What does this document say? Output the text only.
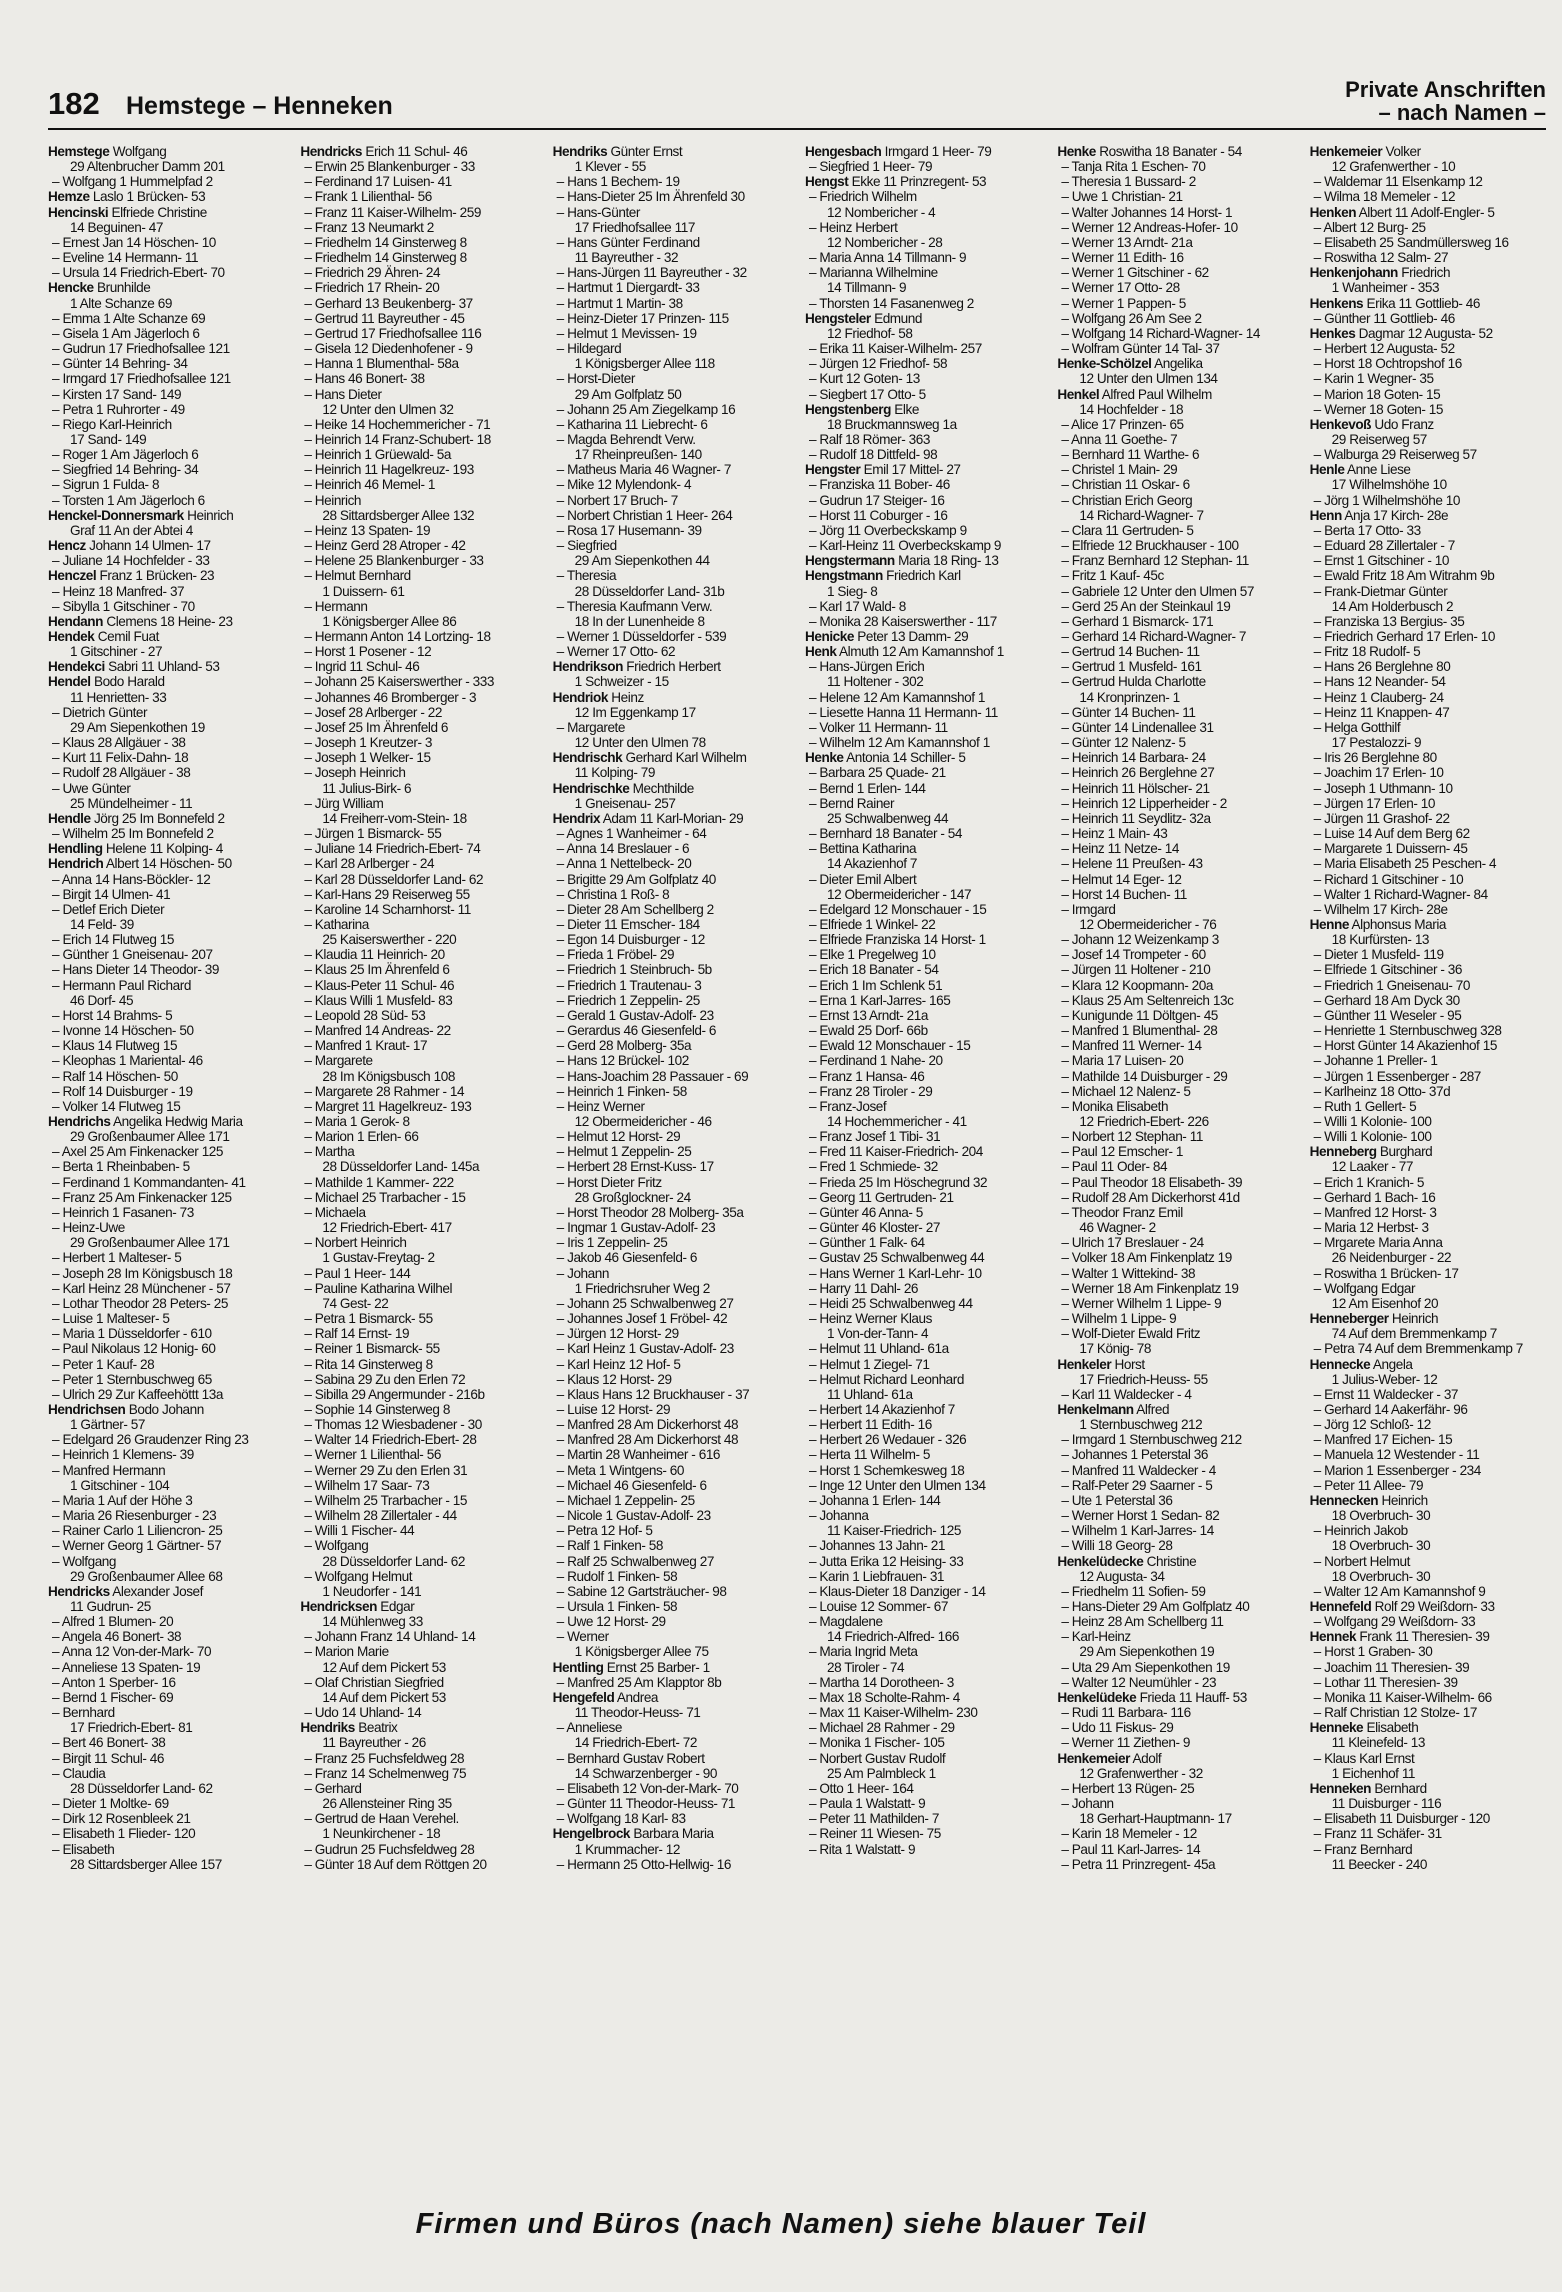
182 Hemstege – Henneken
Private Anschriften
– nach Namen –
Hemstege Wolfgang
29 Altenbrucher Damm 201
– Wolfgang 1 Hummelpfad 2
Hemze Laslo 1 Brücken- 53
Hencinski Elfriede Christine
14 Beguinen- 47
– Ernest Jan 14 Höschen- 10
– Eveline 14 Hermann- 11
– Ursula 14 Friedrich-Ebert- 70
Hencke Brunhilde
1 Alte Schanze 69
– Emma 1 Alte Schanze 69
– Gisela 1 Am Jägerloch 6
– Gudrun 17 Friedhofsallee 121
– Günter 14 Behring- 34
– Irmgard 17 Friedhofsallee 121
– Kirsten 17 Sand- 149
– Petra 1 Ruhrorter - 49
– Riego Karl-Heinrich
17 Sand- 149
– Roger 1 Am Jägerloch 6
– Siegfried 14 Behring- 34
– Sigrun 1 Fulda- 8
– Torsten 1 Am Jägerloch 6
Henckel-Donnersmark Heinrich
Graf 11 An der Abtei 4
Hencz Johann 14 Ulmen- 17
– Juliane 14 Hochfelder - 33
Henczel Franz 1 Brücken- 23
– Heinz 18 Manfred- 37
– Sibylla 1 Gitschiner - 70
Hendann Clemens 18 Heine- 23
Hendek Cemil Fuat
1 Gitschiner - 27
Hendekci Sabri 11 Uhland- 53
Hendel Bodo Harald
11 Henrietten- 33
– Dietrich Günter
29 Am Siepenkothen 19
– Klaus 28 Allgäuer - 38
– Kurt 11 Felix-Dahn- 18
– Rudolf 28 Allgäuer - 38
– Uwe Günter
25 Mündelheimer - 11
Hendle Jörg 25 Im Bonnefeld 2
– Wilhelm 25 Im Bonnefeld 2
Hendling Helene 11 Kolping- 4
Hendrich Albert 14 Höschen- 50
– Anna 14 Hans-Böckler- 12
– Birgit 14 Ulmen- 41
– Detlef Erich Dieter
14 Feld- 39
– Erich 14 Flutweg 15
– Günther 1 Gneisenau- 207
– Hans Dieter 14 Theodor- 39
– Hermann Paul Richard
46 Dorf- 45
– Horst 14 Brahms- 5
– Ivonne 14 Höschen- 50
– Klaus 14 Flutweg 15
– Kleophas 1 Mariental- 46
– Ralf 14 Höschen- 50
– Rolf 14 Duisburger - 19
– Volker 14 Flutweg 15
Hendrichs Angelika Hedwig Maria
29 Großenbaumer Allee 171
– Axel 25 Am Finkenacker 125
– Berta 1 Rheinbaben- 5
– Ferdinand 1 Kommandanten- 41
– Franz 25 Am Finkenacker 125
– Heinrich 1 Fasanen- 73
– Heinz-Uwe
29 Großenbaumer Allee 171
– Herbert 1 Malteser- 5
– Joseph 28 Im Königsbusch 18
– Karl Heinz 28 Münchener - 57
– Lothar Theodor 28 Peters- 25
– Luise 1 Malteser- 5
– Maria 1 Düsseldorfer - 610
– Paul Nikolaus 12 Honig- 60
– Peter 1 Kauf- 28
– Peter 1 Sternbuschweg 65
– Ulrich 29 Zur Kaffeehöttt 13a
Hendrichsen Bodo Johann
1 Gärtner- 57
– Edelgard 26 Graudenzer Ring 23
– Heinrich 1 Klemens- 39
– Manfred Hermann
1 Gitschiner - 104
– Maria 1 Auf der Höhe 3
– Maria 26 Riesenburger - 23
– Rainer Carlo 1 Liliencron- 25
– Werner Georg 1 Gärtner- 57
– Wolfgang
29 Großenbaumer Allee 68
Hendricks Alexander Josef
11 Gudrun- 25
– Alfred 1 Blumen- 20
– Angela 46 Bonert- 38
– Anna 12 Von-der-Mark- 70
– Anneliese 13 Spaten- 19
– Anton 1 Sperber- 16
– Bernd 1 Fischer- 69
– Bernhard
17 Friedrich-Ebert- 81
– Bert 46 Bonert- 38
– Birgit 11 Schul- 46
– Claudia
28 Düsseldorfer Land- 62
– Dieter 1 Moltke- 69
– Dirk 12 Rosenbleek 21
– Elisabeth 1 Flieder- 120
– Elisabeth
28 Sittardsberger Allee 157
Hendricks Erich 11 Schul- 46
– Erwin 25 Blankenburger - 33
– Ferdinand 17 Luisen- 41
– Frank 1 Lilienthal- 56
– Franz 11 Kaiser-Wilhelm- 259
– Franz 13 Neumarkt 2
– Friedhelm 14 Ginsterweg 8
– Friedhelm 14 Ginsterweg 8
– Friedrich 29 Ähren- 24
– Friedrich 17 Rhein- 20
– Gerhard 13 Beukenberg- 37
– Gertrud 11 Bayreuther - 45
– Gertrud 17 Friedhofsallee 116
– Gisela 12 Diedenhofener - 9
– Hanna 1 Blumenthal- 58a
– Hans 46 Bonert- 38
– Hans Dieter
12 Unter den Ulmen 32
– Heike 14 Hochemmericher - 71
– Heinrich 14 Franz-Schubert- 18
– Heinrich 1 Grüewald- 5a
– Heinrich 11 Hagelkreuz- 193
– Heinrich 46 Memel- 1
– Heinrich
28 Sittardsberger Allee 132
– Heinz 13 Spaten- 19
– Heinz Gerd 28 Atroper - 42
– Helene 25 Blankenburger - 33
– Helmut Bernhard
1 Duissern- 61
– Hermann
1 Königsberger Allee 86
– Hermann Anton 14 Lortzing- 18
– Horst 1 Posener - 12
– Ingrid 11 Schul- 46
– Johann 25 Kaiserswerther - 333
– Johannes 46 Bromberger - 3
– Josef 28 Arlberger - 22
– Josef 25 Im Ährenfeld 6
– Joseph 1 Kreutzer- 3
– Joseph 1 Welker- 15
– Joseph Heinrich
11 Julius-Birk- 6
– Jürg William
14 Freiherr-vom-Stein- 18
– Jürgen 1 Bismarck- 55
– Juliane 14 Friedrich-Ebert- 74
– Karl 28 Arlberger - 24
– Karl 28 Düsseldorfer Land- 62
– Karl-Hans 29 Reiserweg 55
– Karoline 14 Scharnhorst- 11
– Katharina
25 Kaiserswerther - 220
– Klaudia 11 Heinrich- 20
– Klaus 25 Im Ährenfeld 6
– Klaus-Peter 11 Schul- 46
– Klaus Willi 1 Musfeld- 83
– Leopold 28 Süd- 53
– Manfred 14 Andreas- 22
– Manfred 1 Kraut- 17
– Margarete
28 Im Königsbusch 108
– Margarete 28 Rahmer - 14
– Margret 11 Hagelkreuz- 193
– Maria 1 Gerok- 8
– Marion 1 Erlen- 66
– Martha
28 Düsseldorfer Land- 145a
– Mathilde 1 Kammer- 222
– Michael 25 Trarbacher - 15
– Michaela
12 Friedrich-Ebert- 417
– Norbert Heinrich
1 Gustav-Freytag- 2
– Paul 1 Heer- 144
– Pauline Katharina Wilhel
74 Gest- 22
– Petra 1 Bismarck- 55
– Ralf 14 Ernst- 19
– Reiner 1 Bismarck- 55
– Rita 14 Ginsterweg 8
– Sabina 29 Zu den Erlen 72
– Sibilla 29 Angermunder - 216b
– Sophie 14 Ginsterweg 8
– Thomas 12 Wiesbadener - 30
– Walter 14 Friedrich-Ebert- 28
– Werner 1 Lilienthal- 56
– Werner 29 Zu den Erlen 31
– Wilhelm 17 Saar- 73
– Wilhelm 25 Trarbacher - 15
– Wilhelm 28 Zillertaler - 44
– Willi 1 Fischer- 44
– Wolfgang
28 Düsseldorfer Land- 62
– Wolfgang Helmut
1 Neudorfer - 141
Hendricksen Edgar
14 Mühlenweg 33
– Johann Franz 14 Uhland- 14
– Marion Marie
12 Auf dem Pickert 53
– Olaf Christian Siegfried
14 Auf dem Pickert 53
– Udo 14 Uhland- 14
Hendriks Beatrix
11 Bayreuther - 26
– Franz 25 Fuchsfeldweg 28
– Franz 14 Schelmenweg 75
– Gerhard
26 Allensteiner Ring 35
– Gertrud de Haan Verehel.
1 Neunkirchener - 18
– Gudrun 25 Fuchsfeldweg 28
– Günter 18 Auf dem Röttgen 20
Hendriks Günter Ernst
1 Klever - 55
– Hans 1 Bechem- 19
– Hans-Dieter 25 Im Ährenfeld 30
– Hans-Günter
17 Friedhofsallee 117
– Hans Günter Ferdinand
11 Bayreuther - 32
– Hans-Jürgen 11 Bayreuther - 32
– Hartmut 1 Diergardt- 33
– Hartmut 1 Martin- 38
– Heinz-Dieter 17 Prinzen- 115
– Helmut 1 Mevissen- 19
– Hildegard
1 Königsberger Allee 118
– Horst-Dieter
29 Am Golfplatz 50
– Johann 25 Am Ziegelkamp 16
– Katharina 11 Liebrecht- 6
– Magda Behrendt Verw.
17 Rheinpreußen- 140
– Matheus Maria 46 Wagner- 7
– Mike 12 Mylendonk- 4
– Norbert 17 Bruch- 7
– Norbert Christian 1 Heer- 264
– Rosa 17 Husemann- 39
– Siegfried
29 Am Siepenkothen 44
– Theresia
28 Düsseldorfer Land- 31b
– Theresia Kaufmann Verw.
18 In der Lunenheide 8
– Werner 1 Düsseldorfer - 539
– Werner 17 Otto- 62
Hendrikson Friedrich Herbert
1 Schweizer - 15
Hendriok Heinz
12 Im Eggenkamp 17
– Margarete
12 Unter den Ulmen 78
Hendrischk Gerhard Karl Wilhelm
11 Kolping- 79
Hendrischke Mechthilde
1 Gneisenau- 257
Hendrix Adam 11 Karl-Morian- 29
– Agnes 1 Wanheimer - 64
– Anna 14 Breslauer - 6
– Anna 1 Nettelbeck- 20
– Brigitte 29 Am Golfplatz 40
– Christina 1 Roß- 8
– Dieter 28 Am Schellberg 2
– Dieter 11 Emscher- 184
– Egon 14 Duisburger - 12
– Frieda 1 Fröbel- 29
– Friedrich 1 Steinbruch- 5b
– Friedrich 1 Trautenau- 3
– Friedrich 1 Zeppelin- 25
– Gerald 1 Gustav-Adolf- 23
– Gerardus 46 Giesenfeld- 6
– Gerd 28 Molberg- 35a
– Hans 12 Brückel- 102
– Hans-Joachim 28 Passauer - 69
– Heinrich 1 Finken- 58
– Heinz Werner
12 Obermeidericher - 46
– Helmut 12 Horst- 29
– Helmut 1 Zeppelin- 25
– Herbert 28 Ernst-Kuss- 17
– Horst Dieter Fritz
28 Großglockner- 24
– Horst Theodor 28 Molberg- 35a
– Ingmar 1 Gustav-Adolf- 23
– Iris 1 Zeppelin- 25
– Jakob 46 Giesenfeld- 6
– Johann
1 Friedrichsruher Weg 2
– Johann 25 Schwalbenweg 27
– Johannes Josef 1 Fröbel- 42
– Jürgen 12 Horst- 29
– Karl Heinz 1 Gustav-Adolf- 23
– Karl Heinz 12 Hof- 5
– Klaus 12 Horst- 29
– Klaus Hans 12 Bruckhauser - 37
– Luise 12 Horst- 29
– Manfred 28 Am Dickerhorst 48
– Manfred 28 Am Dickerhorst 48
– Martin 28 Wanheimer - 616
– Meta 1 Wintgens- 60
– Michael 46 Giesenfeld- 6
– Michael 1 Zeppelin- 25
– Nicole 1 Gustav-Adolf- 23
– Petra 12 Hof- 5
– Ralf 1 Finken- 58
– Ralf 25 Schwalbenweg 27
– Rudolf 1 Finken- 58
– Sabine 12 Gartsträucher- 98
– Ursula 1 Finken- 58
– Uwe 12 Horst- 29
– Werner
1 Königsberger Allee 75
Hentling Ernst 25 Barber- 1
– Manfred 25 Am Klapptor 8b
Hengefeld Andrea
11 Theodor-Heuss- 71
– Anneliese
14 Friedrich-Ebert- 72
– Bernhard Gustav Robert
14 Schwarzenberger - 90
– Elisabeth 12 Von-der-Mark- 70
– Günter 11 Theodor-Heuss- 71
– Wolfgang 18 Karl- 83
Hengelbrock Barbara Maria
1 Krummacher- 12
– Hermann 25 Otto-Hellwig- 16
Hengesbach Irmgard 1 Heer- 79
– Siegfried 1 Heer- 79
Hengst Ekke 11 Prinzregent- 53
– Friedrich Wilhelm
12 Nombericher - 4
– Heinz Herbert
12 Nombericher - 28
– Maria Anna 14 Tillmann- 9
– Marianna Wilhelmine
14 Tillmann- 9
– Thorsten 14 Fasanenweg 2
Hengsteler Edmund
12 Friedhof- 58
– Erika 11 Kaiser-Wilhelm- 257
– Jürgen 12 Friedhof- 58
– Kurt 12 Goten- 13
– Siegbert 17 Otto- 5
Hengstenberg Elke
18 Bruckmannsweg 1a
– Ralf 18 Römer- 363
– Rudolf 18 Dittfeld- 98
Hengster Emil 17 Mittel- 27
– Franziska 11 Bober- 46
– Gudrun 17 Steiger- 16
– Horst 11 Coburger - 16
– Jörg 11 Overbeckskamp 9
– Karl-Heinz 11 Overbeckskamp 9
Hengstermann Maria 18 Ring- 13
Hengstmann Friedrich Karl
1 Sieg- 8
– Karl 17 Wald- 8
– Monika 28 Kaiserswerther - 117
Henicke Peter 13 Damm- 29
Henk Almuth 12 Am Kamannshof 1
– Hans-Jürgen Erich
11 Holtener - 302
– Helene 12 Am Kamannshof 1
– Liesette Hanna 11 Hermann- 11
– Volker 11 Hermann- 11
– Wilhelm 12 Am Kamannshof 1
Henke Antonia 14 Schiller- 5
– Barbara 25 Quade- 21
– Bernd 1 Erlen- 144
– Bernd Rainer
25 Schwalbenweg 44
– Bernhard 18 Banater - 54
– Bettina Katharina
14 Akazienhof 7
– Dieter Emil Albert
12 Obermeidericher - 147
– Edelgard 12 Monschauer - 15
– Elfriede 1 Winkel- 22
– Elfriede Franziska 14 Horst- 1
– Elke 1 Pregelweg 10
– Erich 18 Banater - 54
– Erich 1 Im Schlenk 51
– Erna 1 Karl-Jarres- 165
– Ernst 13 Arndt- 21a
– Ewald 25 Dorf- 66b
– Ewald 12 Monschauer - 15
– Ferdinand 1 Nahe- 20
– Franz 1 Hansa- 46
– Franz 28 Tiroler - 29
– Franz-Josef
14 Hochemmericher - 41
– Franz Josef 1 Tibi- 31
– Fred 11 Kaiser-Friedrich- 204
– Fred 1 Schmiede- 32
– Frieda 25 Im Höschegrund 32
– Georg 11 Gertruden- 21
– Günter 46 Anna- 5
– Günter 46 Kloster- 27
– Günther 1 Falk- 64
– Gustav 25 Schwalbenweg 44
– Hans Werner 1 Karl-Lehr- 10
– Harry 11 Dahl- 26
– Heidi 25 Schwalbenweg 44
– Heinz Werner Klaus
1 Von-der-Tann- 4
– Helmut 11 Uhland- 61a
– Helmut 1 Ziegel- 71
– Helmut Richard Leonhard
11 Uhland- 61a
– Herbert 14 Akazienhof 7
– Herbert 11 Edith- 16
– Herbert 26 Wedauer - 326
– Herta 11 Wilhelm- 5
– Horst 1 Schemkesweg 18
– Inge 12 Unter den Ulmen 134
– Johanna 1 Erlen- 144
– Johanna
11 Kaiser-Friedrich- 125
– Johannes 13 Jahn- 21
– Jutta Erika 12 Heising- 33
– Karin 1 Liebfrauen- 31
– Klaus-Dieter 18 Danziger - 14
– Louise 12 Sommer- 67
– Magdalene
14 Friedrich-Alfred- 166
– Maria Ingrid Meta
28 Tiroler - 74
– Martha 14 Dorotheen- 3
– Max 18 Scholte-Rahm- 4
– Max 11 Kaiser-Wilhelm- 230
– Michael 28 Rahmer - 29
– Monika 1 Fischer- 105
– Norbert Gustav Rudolf
25 Am Palmbleck 1
– Otto 1 Heer- 164
– Paula 1 Walstatt- 9
– Peter 11 Mathilden- 7
– Reiner 11 Wiesen- 75
– Rita 1 Walstatt- 9
Henke Roswitha 18 Banater - 54
– Tanja Rita 1 Eschen- 70
– Theresia 1 Bussard- 2
– Uwe 1 Christian- 21
– Walter Johannes 14 Horst- 1
– Werner 12 Andreas-Hofer- 10
– Werner 13 Arndt- 21a
– Werner 11 Edith- 16
– Werner 1 Gitschiner - 62
– Werner 17 Otto- 28
– Werner 1 Pappen- 5
– Wolfgang 26 Am See 2
– Wolfgang 14 Richard-Wagner- 14
– Wolfram Günter 14 Tal- 37
Henke-Schölzel Angelika
12 Unter den Ulmen 134
Henkel Alfred Paul Wilhelm
14 Hochfelder - 18
– Alice 17 Prinzen- 65
– Anna 11 Goethe- 7
– Bernhard 11 Warthe- 6
– Christel 1 Main- 29
– Christian 11 Oskar- 6
– Christian Erich Georg
14 Richard-Wagner- 7
– Clara 11 Gertruden- 5
– Elfriede 12 Bruckhauser - 100
– Franz Bernhard 12 Stephan- 11
– Fritz 1 Kauf- 45c
– Gabriele 12 Unter den Ulmen 57
– Gerd 25 An der Steinkaul 19
– Gerhard 1 Bismarck- 171
– Gerhard 14 Richard-Wagner- 7
– Gertrud 14 Buchen- 11
– Gertrud 1 Musfeld- 161
– Gertrud Hulda Charlotte
14 Kronprinzen- 1
– Günter 14 Buchen- 11
– Günter 14 Lindenallee 31
– Günter 12 Nalenz- 5
– Heinrich 14 Barbara- 24
– Heinrich 26 Berglehne 27
– Heinrich 11 Hölscher- 21
– Heinrich 12 Lipperheider - 2
– Heinrich 11 Seydlitz- 32a
– Heinz 1 Main- 43
– Heinz 11 Netze- 14
– Helene 11 Preußen- 43
– Helmut 14 Eger- 12
– Horst 14 Buchen- 11
– Irmgard
12 Obermeidericher - 76
– Johann 12 Weizenkamp 3
– Josef 14 Trompeter - 60
– Jürgen 11 Holtener - 210
– Klara 12 Koopmann- 20a
– Klaus 25 Am Seltenreich 13c
– Kunigunde 11 Döltgen- 45
– Manfred 1 Blumenthal- 28
– Manfred 11 Werner- 14
– Maria 17 Luisen- 20
– Mathilde 14 Duisburger - 29
– Michael 12 Nalenz- 5
– Monika Elisabeth
12 Friedrich-Ebert- 226
– Norbert 12 Stephan- 11
– Paul 12 Emscher- 1
– Paul 11 Oder- 84
– Paul Theodor 18 Elisabeth- 39
– Rudolf 28 Am Dickerhorst 41d
– Theodor Franz Emil
46 Wagner- 2
– Ulrich 17 Breslauer - 24
– Volker 18 Am Finkenplatz 19
– Walter 1 Wittekind- 38
– Werner 18 Am Finkenplatz 19
– Werner Wilhelm 1 Lippe- 9
– Wilhelm 1 Lippe- 9
– Wolf-Dieter Ewald Fritz
17 König- 78
Henkeler Horst
17 Friedrich-Heuss- 55
– Karl 11 Waldecker - 4
Henkelmann Alfred
1 Sternbuschweg 212
– Irmgard 1 Sternbuschweg 212
– Johannes 1 Peterstal 36
– Manfred 11 Waldecker - 4
– Ralf-Peter 29 Saarner - 5
– Ute 1 Peterstal 36
– Werner Horst 1 Sedan- 82
– Wilhelm 1 Karl-Jarres- 14
– Willi 18 Georg- 28
Henkelüdecke Christine
12 Augusta- 34
– Friedhelm 11 Sofien- 59
– Hans-Dieter 29 Am Golfplatz 40
– Heinz 28 Am Schellberg 11
– Karl-Heinz
29 Am Siepenkothen 19
– Uta 29 Am Siepenkothen 19
– Walter 12 Neumühler - 23
Henkelüdeke Frieda 11 Hauff- 53
– Rudi 11 Barbara- 116
– Udo 11 Fiskus- 29
– Werner 11 Ziethen- 9
Henkemeier Adolf
12 Grafenwerther - 32
– Herbert 13 Rügen- 25
– Johann
18 Gerhart-Hauptmann- 17
– Karin 18 Memeler - 12
– Paul 11 Karl-Jarres- 14
– Petra 11 Prinzregent- 45a
Henkemeier Volker
12 Grafenwerther - 10
– Waldemar 11 Elsenkamp 12
– Wilma 18 Memeler - 12
Henken Albert 11 Adolf-Engler- 5
– Albert 12 Burg- 25
– Elisabeth 25 Sandmüllersweg 16
– Roswitha 12 Salm- 27
Henkenjohann Friedrich
1 Wanheimer - 353
Henkens Erika 11 Gottlieb- 46
– Günther 11 Gottlieb- 46
Henkes Dagmar 12 Augusta- 52
– Herbert 12 Augusta- 52
– Horst 18 Ochtropshof 16
– Karin 1 Wegner- 35
– Marion 18 Goten- 15
– Werner 18 Goten- 15
Henkevoß Udo Franz
29 Reiserweg 57
– Walburga 29 Reiserweg 57
Henle Anne Liese
17 Wilhelmshöhe 10
– Jörg 1 Wilhelmshöhe 10
Henn Anja 17 Kirch- 28e
– Berta 17 Otto- 33
– Eduard 28 Zillertaler - 7
– Ernst 1 Gitschiner - 10
– Ewald Fritz 18 Am Witrahm 9b
– Frank-Dietmar Günter
14 Am Holderbusch 2
– Franziska 13 Bergius- 35
– Friedrich Gerhard 17 Erlen- 10
– Fritz 18 Rudolf- 5
– Hans 26 Berglehne 80
– Hans 12 Neander- 54
– Heinz 1 Clauberg- 24
– Heinz 11 Knappen- 47
– Helga Gotthilf
17 Pestalozzi- 9
– Iris 26 Berglehne 80
– Joachim 17 Erlen- 10
– Joseph 1 Uthmann- 10
– Jürgen 17 Erlen- 10
– Jürgen 11 Grashof- 22
– Luise 14 Auf dem Berg 62
– Margarete 1 Duissern- 45
– Maria Elisabeth 25 Peschen- 4
– Richard 1 Gitschiner - 10
– Walter 1 Richard-Wagner- 84
– Wilhelm 17 Kirch- 28e
Henne Alphonsus Maria
18 Kurfürsten- 13
– Dieter 1 Musfeld- 119
– Elfriede 1 Gitschiner - 36
– Friedrich 1 Gneisenau- 70
– Gerhard 18 Am Dyck 30
– Günther 11 Weseler - 95
– Henriette 1 Sternbuschweg 328
– Horst Günter 14 Akazienhof 15
– Johanne 1 Preller- 1
– Jürgen 1 Essenberger - 287
– Karlheinz 18 Otto- 37d
– Ruth 1 Gellert- 5
– Willi 1 Kolonie- 100
– Willi 1 Kolonie- 100
Henneberg Burghard
12 Laaker - 77
– Erich 1 Kranich- 5
– Gerhard 1 Bach- 16
– Manfred 12 Horst- 3
– Maria 12 Herbst- 3
– Mrgarete Maria Anna
26 Neidenburger - 22
– Roswitha 1 Brücken- 17
– Wolfgang Edgar
12 Am Eisenhof 20
Henneberger Heinrich
74 Auf dem Bremmenkamp 7
– Petra 74 Auf dem Bremmenkamp 7
Hennecke Angela
1 Julius-Weber- 12
– Ernst 11 Waldecker - 37
– Gerhard 14 Aakerfähr- 96
– Jörg 12 Schloß- 12
– Manfred 17 Eichen- 15
– Manuela 12 Westender - 11
– Marion 1 Essenberger - 234
– Peter 11 Allee- 79
Hennecken Heinrich
18 Overbruch- 30
– Heinrich Jakob
18 Overbruch- 30
– Norbert Helmut
18 Overbruch- 30
– Walter 12 Am Kamannshof 9
Hennefeld Rolf 29 Weißdorn- 33
– Wolfgang 29 Weißdorn- 33
Hennek Frank 11 Theresien- 39
– Horst 1 Graben- 30
– Joachim 11 Theresien- 39
– Lothar 11 Theresien- 39
– Monika 11 Kaiser-Wilhelm- 66
– Ralf Christian 12 Stolze- 17
Henneke Elisabeth
11 Kleinefeld- 13
– Klaus Karl Ernst
1 Eichenhof 11
Henneken Bernhard
11 Duisburger - 116
– Elisabeth 11 Duisburger - 120
– Franz 11 Schäfer- 31
– Franz Bernhard
11 Beecker - 240
Firmen und Büros (nach Namen) siehe blauer Teil
